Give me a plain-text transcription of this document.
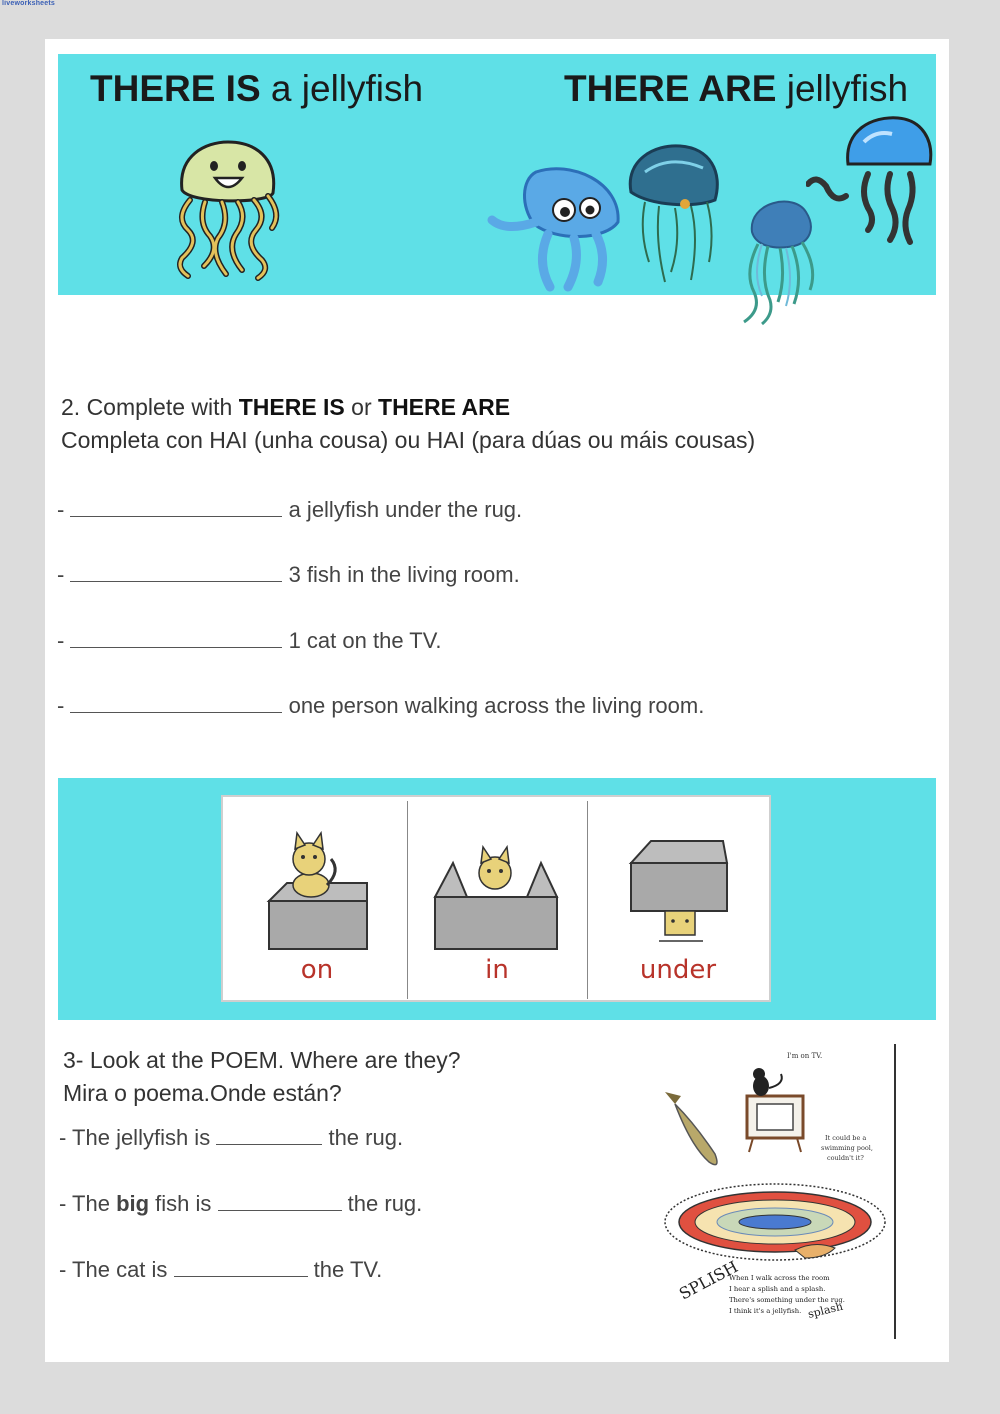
liveworksheets
THERE IS a jellyfish	THERE ARE jellyfish
2. Complete with THERE IS or THERE ARE
Completa con HAI (unha cousa) ou HAI (para dúas ou máis cousas)
-	a jellyfish under the rug.
-	3 fish in the living room.
-	1 cat on the TV.
-	one person walking across the living room.
on	in	under
3- Look at the POEM. Where are they?
Mira o poema.Onde están?
- The jellyfish is	the rug.
- The big fish is	the rug.
- The cat is	the TV.
I'm on TV.
It could be a
swimming pool,
couldn't it?
SPLISH
splash
When I walk across the room
I hear a splish and a splash.
There's something under the rug.
I think it's a jellyfish.
